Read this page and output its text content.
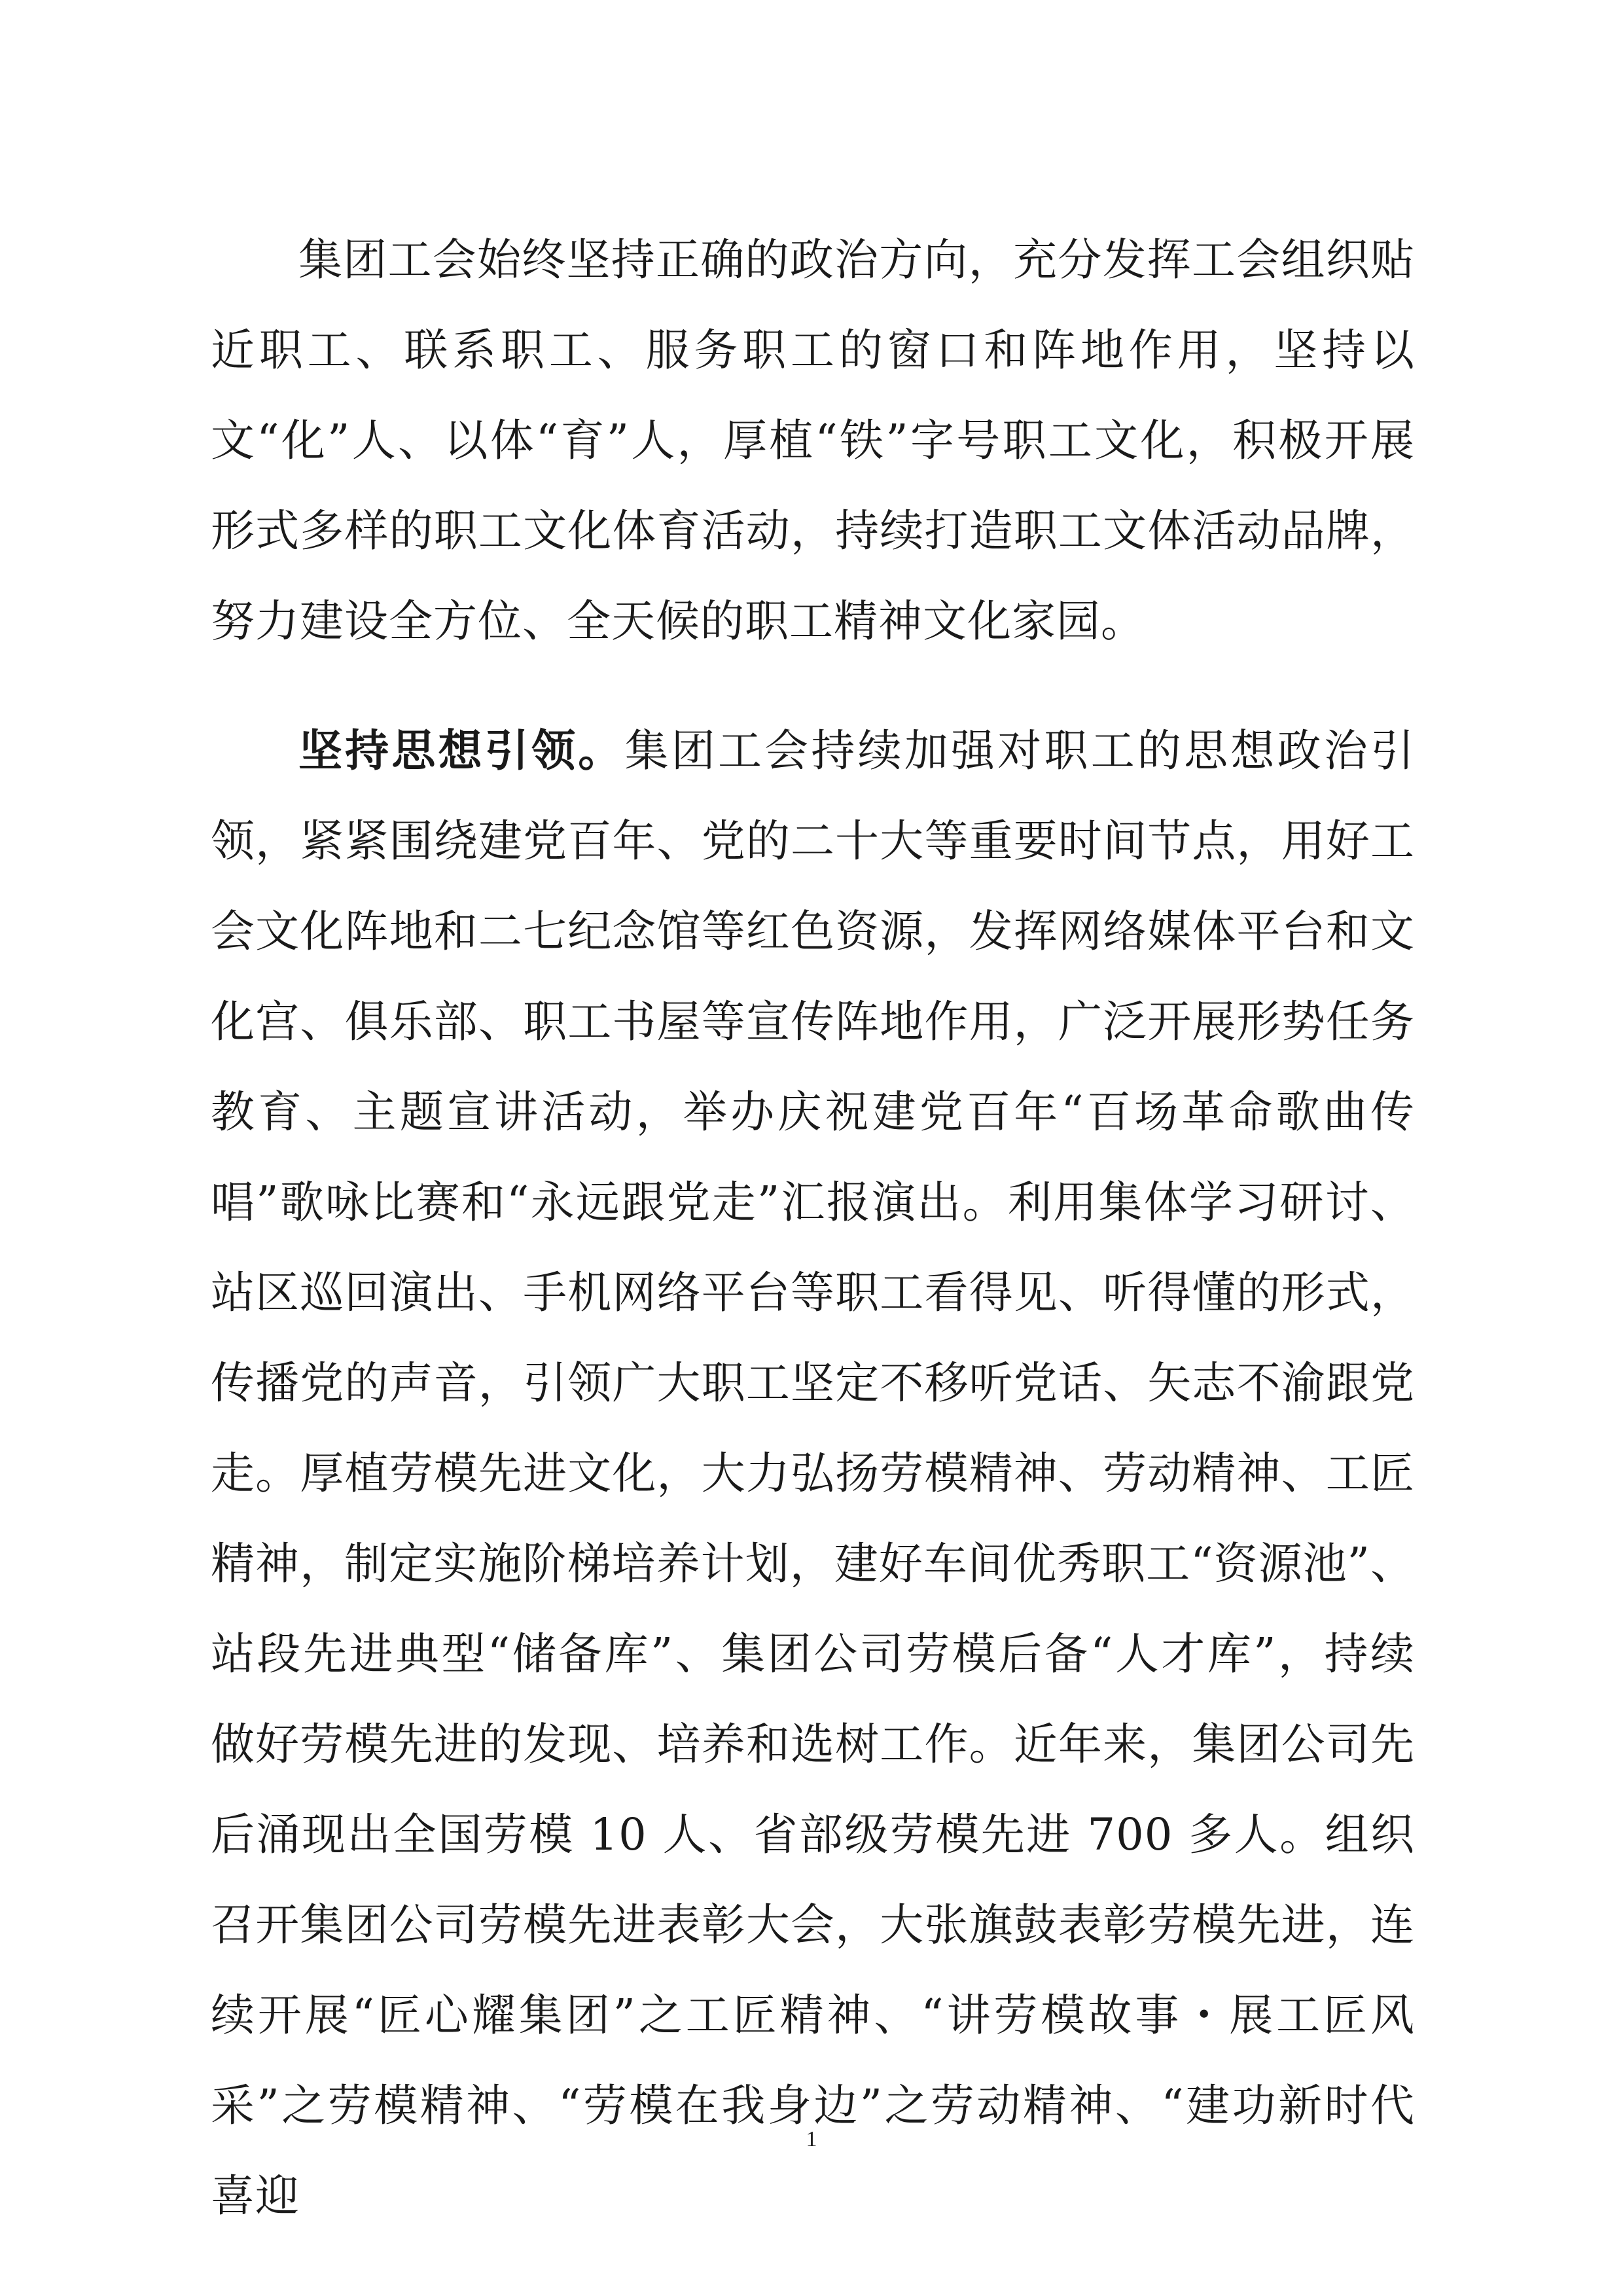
集团工会始终坚持正确的政治方向，充分发挥工会组织贴近职工、联系职工、服务职工的窗口和阵地作用，坚持以文“化”人、以体“育”人，厚植“铁”字号职工文化，积极开展形式多样的职工文化体育活动，持续打造职工文体活动品牌，努力建设全方位、全天候的职工精神文化家园。

坚持思想引领。集团工会持续加强对职工的思想政治引领，紧紧围绕建党百年、党的二十大等重要时间节点，用好工会文化阵地和二七纪念馆等红色资源，发挥网络媒体平台和文化宫、俱乐部、职工书屋等宣传阵地作用，广泛开展形势任务教育、主题宣讲活动，举办庆祝建党百年“百场革命歌曲传唱”歌咏比赛和“永远跟党走”汇报演出。利用集体学习研讨、站区巡回演出、手机网络平台等职工看得见、听得懂的形式，传播党的声音，引领广大职工坚定不移听党话、矢志不渝跟党走。厚植劳模先进文化，大力弘扬劳模精神、劳动精神、工匠精神，制定实施阶梯培养计划，建好车间优秀职工“资源池”、站段先进典型“储备库”、集团公司劳模后备“人才库”，持续做好劳模先进的发现、培养和选树工作。近年来，集团公司先后涌现出全国劳模 10 人、省部级劳模先进 700 多人。组织召开集团公司劳模先进表彰大会，大张旗鼓表彰劳模先进，连续开展“匠心耀集团”之工匠精神、“讲劳模故事・展工匠风采”之劳模精神、“劳模在我身边”之劳动精神、“建功新时代喜迎

1
